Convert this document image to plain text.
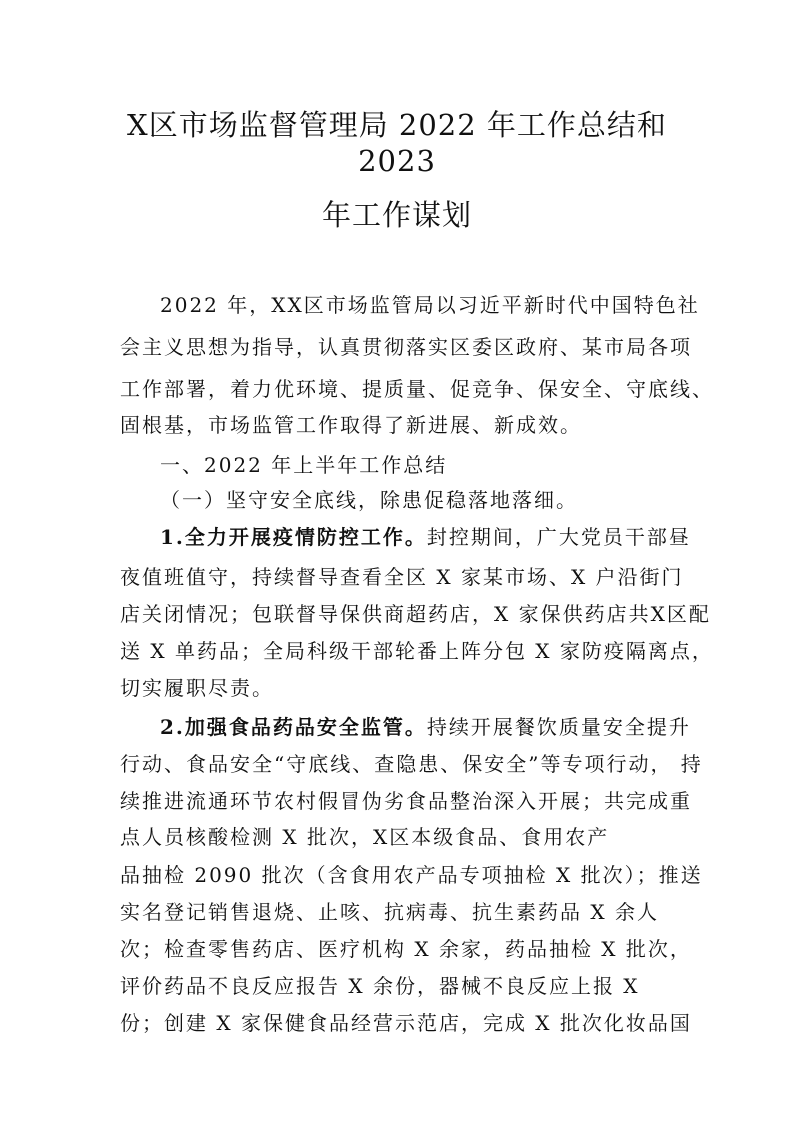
X区市场监督管理局 2022 年工作总结和
2023
年工作谋划
2022 年，XX区市场监管局以习近平新时代中国特色社
会主义思想为指导，认真贯彻落实区委区政府、某市局各项
工作部署，着力优环境、提质量、促竞争、保安全、守底线、
固根基，市场监管工作取得了新进展、新成效。
一、2022 年上半年工作总结
（一）坚守安全底线，除患促稳落地落细。
1.全力开展疫情防控工作。封控期间，广大党员干部昼
夜值班值守，持续督导查看全区 X 家某市场、X 户沿街门
店关闭情况；包联督导保供商超药店，X 家保供药店共X区配
送 X 单药品；全局科级干部轮番上阵分包 X 家防疫隔离点，
切实履职尽责。
2.加强食品药品安全监管。持续开展餐饮质量安全提升
行动、食品安全“守底线、查隐患、保安全”等专项行动， 持
续推进流通环节农村假冒伪劣食品整治深入开展；共完成重
点人员核酸检测 X 批次，X区本级食品、食用农产
品抽检 2090 批次（含食用农产品专项抽检 X 批次）；推送
实名登记销售退烧、止咳、抗病毒、抗生素药品 X 余人
次；检查零售药店、医疗机构 X 余家，药品抽检 X 批次，
评价药品不良反应报告 X 余份，器械不良反应上报 X
份；创建 X 家保健食品经营示范店，完成 X 批次化妆品国
